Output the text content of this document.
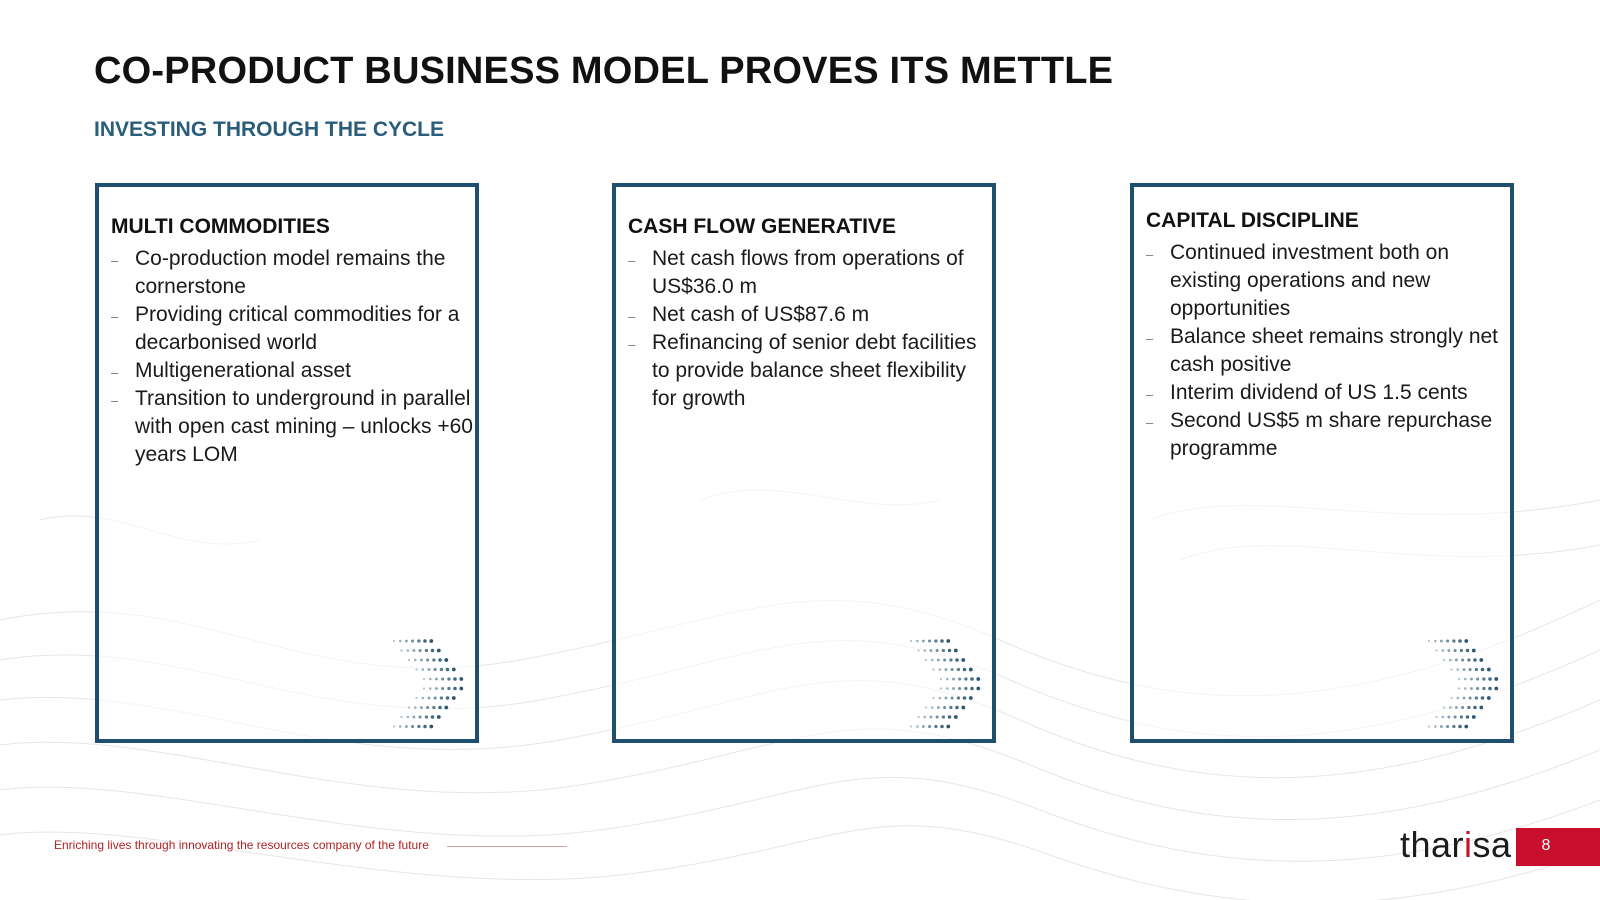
CO-PRODUCT BUSINESS MODEL PROVES ITS METTLE
INVESTING THROUGH THE CYCLE
MULTI COMMODITIES
– Co-production model remains the cornerstone
– Providing critical commodities for a decarbonised world
– Multigenerational asset
– Transition to underground in parallel with open cast mining – unlocks +60 years LOM
CASH FLOW GENERATIVE
– Net cash flows from operations of US$36.0 m
– Net cash of US$87.6 m
– Refinancing of senior debt facilities to provide balance sheet flexibility for growth
CAPITAL DISCIPLINE
– Continued investment both on existing operations and new opportunities
– Balance sheet remains strongly net cash positive
– Interim dividend of US 1.5 cents
– Second US$5 m share repurchase programme
Enriching lives through innovating the resources company of the future	tharisa	8
